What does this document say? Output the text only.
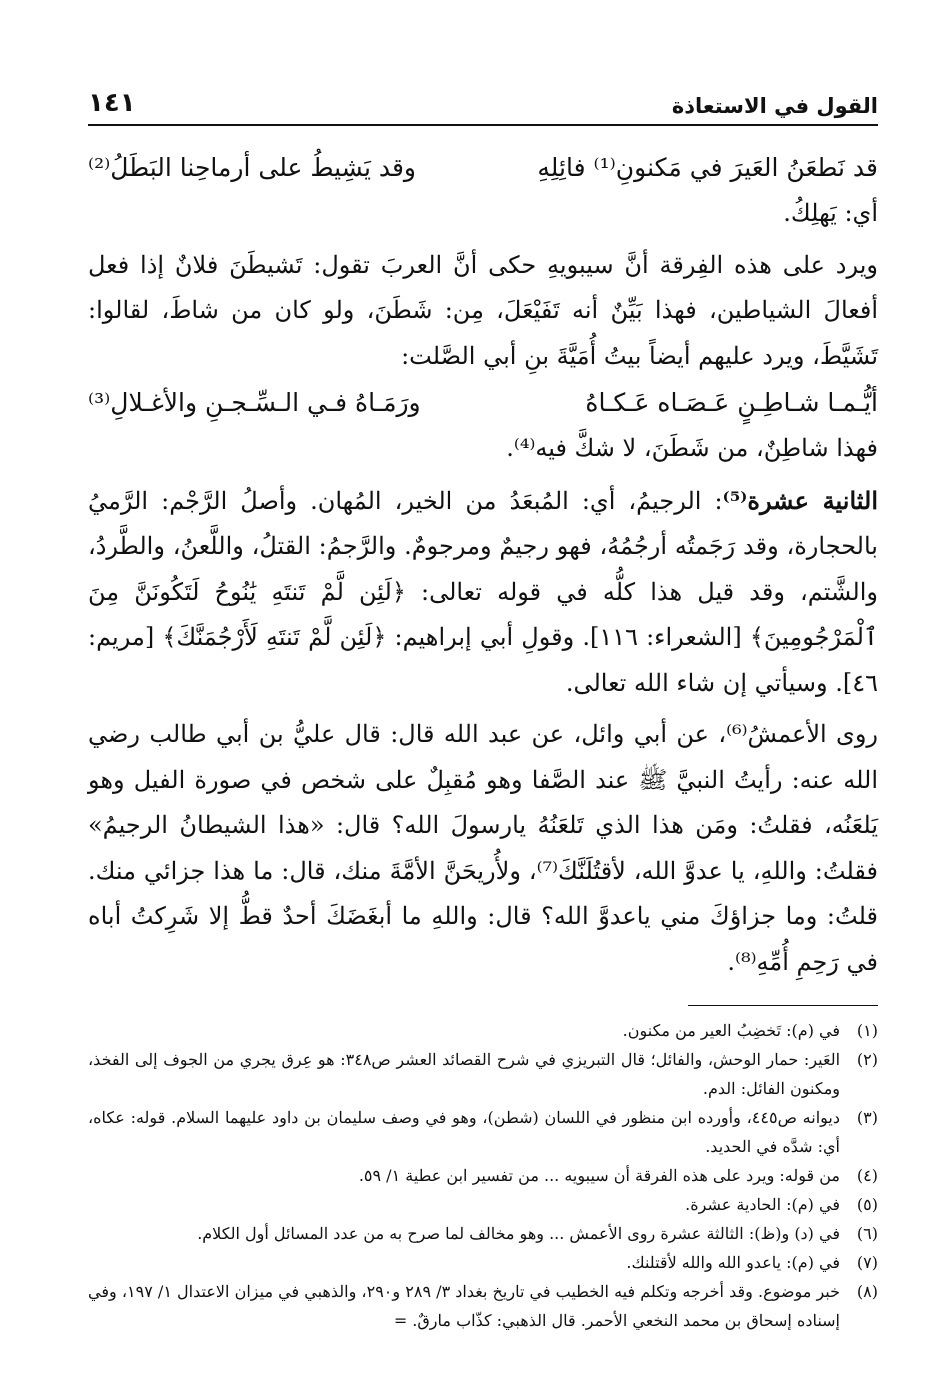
القول في الاستعاذة
١٤١
قد نَطعَنُ العَيرَ في مَكنونِ⁽¹⁾ فائِلِهِ
وقد يَشِيطُ على أرماحِنا البَطَلُ⁽²⁾

أي: يَهلِكُ.

ويرد على هذه الفِرقة أنَّ سيبويهِ حكى أنَّ العربَ تقول: تَشيطَنَ فلانٌ إذا فعل أفعالَ الشياطين، فهذا بَيِّنٌ أنه تَفَيْعَلَ، مِن: شَطَنَ، ولو كان من شاطَ، لقالوا: تَشَيَّطَ، ويرد عليهم أيضاً بيتُ أُمَيَّةَ بنِ أبي الصَّلت:

أيُّـمـا شـاطِـنٍ عَـصَـاه عَـكـاهُ
ورَمَـاهُ فـي الـسِّـجـنِ والأغـلالِ⁽³⁾

فهذا شاطِنٌ، من شَطَنَ، لا شكَّ فيه⁽⁴⁾.

الثانية عشرة⁽⁵⁾: الرجيمُ، أي: المُبعَدُ من الخير، المُهان. وأصلُ الرَّجْم: الرَّميُ بالحجارة، وقد رَجَمتُه أرجُمُهُ، فهو رجيمٌ ومرجومٌ. والرَّجمُ: القتلُ، واللَّعنُ، والطَّردُ، والشَّتم، وقد قيل هذا كلُّه في قوله تعالى: ﴿لَئِن لَّمْ تَنتَهِ يَٰنُوحُ لَتَكُونَنَّ مِنَ ٱلْمَرْجُومِينَ﴾ [الشعراء: ١١٦]. وقولِ أبي إبراهيم: ﴿لَئِن لَّمْ تَنتَهِ لَأَرْجُمَنَّكَ﴾ [مريم: ٤٦]. وسيأتي إن شاء الله تعالى.

روى الأعمشُ⁽⁶⁾، عن أبي وائل، عن عبد الله قال: قال عليُّ بن أبي طالب رضي الله عنه: رأيتُ النبيَّ ﷺ عند الصَّفا وهو مُقبِلٌ على شخص في صورة الفيل وهو يَلعَنُه، فقلتُ: ومَن هذا الذي تَلعَنُهُ يارسولَ الله؟ قال: «هذا الشيطانُ الرجيمُ» فقلتُ: واللهِ، يا عدوَّ الله، لأقتُلَنَّكَ⁽⁷⁾، ولأُريحَنَّ الأمَّةَ منك، قال: ما هذا جزائي منك. قلتُ: وما جزاؤكَ مني ياعدوَّ الله؟ قال: واللهِ ما أبغَضَكَ أحدٌ قطُّ إلا شَرِكتُ أباه في رَحِمِ أُمِّهِ⁽⁸⁾.

(١)
في (م): تَخضِبُ العير من مكنون.
(٢)
العَير: حمار الوحش، والفائل؛ قال التبريزي في شرح القصائد العشر ص٣٤٨: هو عِرق يجري من الجوف إلى الفخذ، ومكنون الفائل: الدم.
(٣)
ديوانه ص٤٤٥، وأورده ابن منظور في اللسان (شطن)، وهو في وصف سليمان بن داود عليهما السلام. قوله: عكاه، أي: شدَّه في الحديد.
(٤)
من قوله: ويرد على هذه الفرقة أن سيبويه ... من تفسير ابن عطية ١/ ٥٩.
(٥)
في (م): الحادية عشرة.
(٦)
في (د) و(ظ): الثالثة عشرة روى الأعمش ... وهو مخالف لما صرح به من عدد المسائل أول الكلام.
(٧)
في (م): ياعدو الله والله لأقتلنك.
(٨)
خبر موضوع. وقد أخرجه وتكلم فيه الخطيب في تاريخ بغداد ٣/ ٢٨٩ و٢٩٠، والذهبي في ميزان الاعتدال ١/ ١٩٧، وفي إسناده إسحاق بن محمد النخعي الأحمر. قال الذهبي: كذّاب مارقٌ. =
